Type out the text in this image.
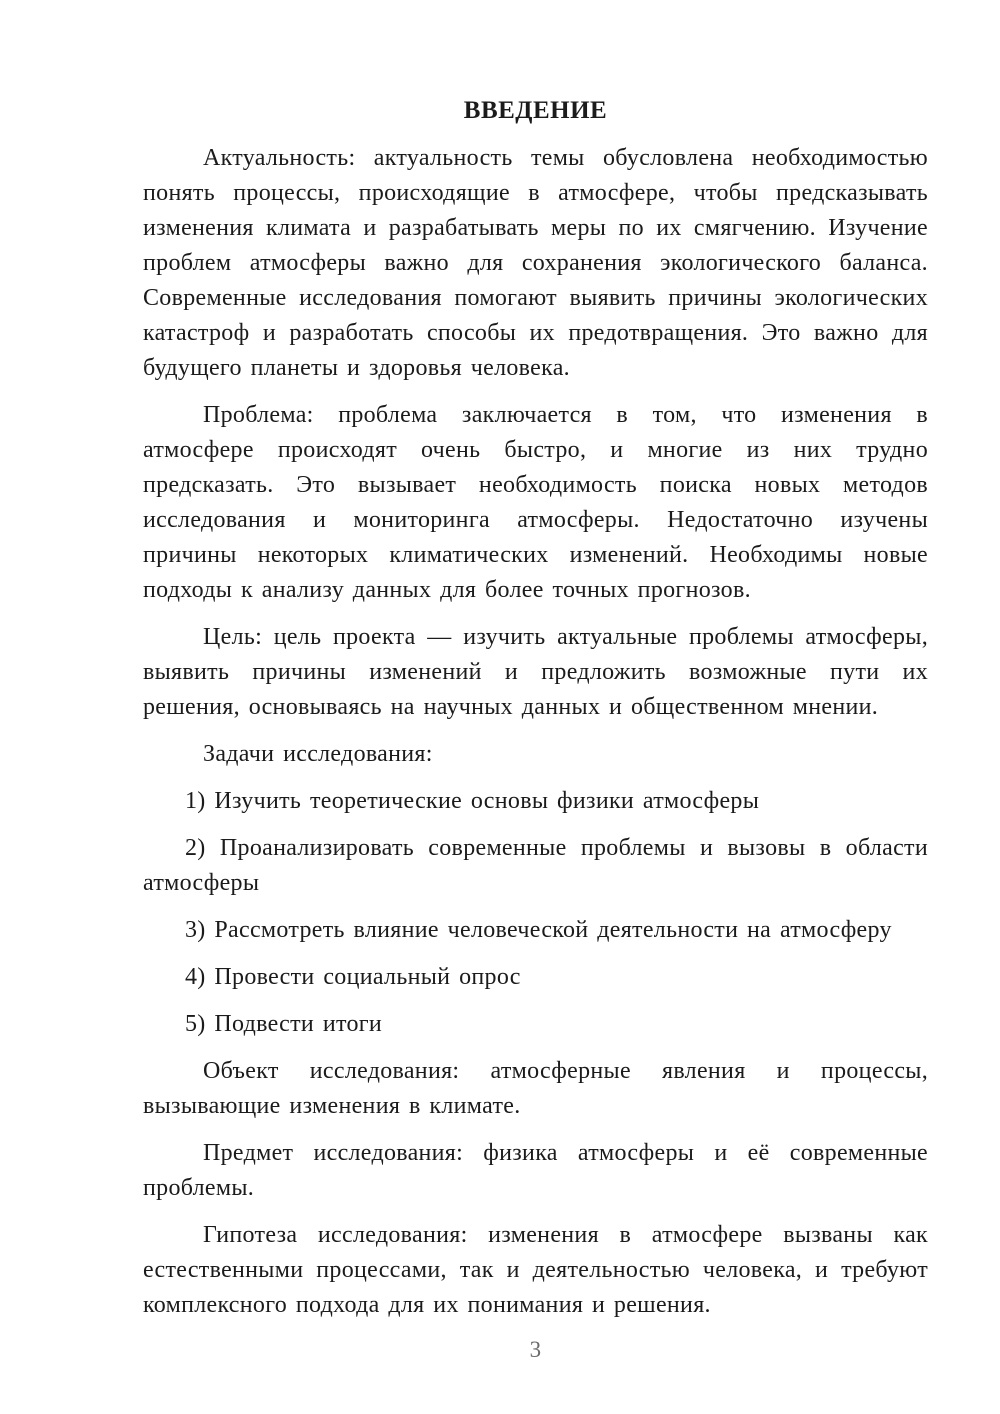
ВВЕДЕНИЕ

Актуальность: актуальность темы обусловлена необходимостью понять процессы, происходящие в атмосфере, чтобы предсказывать изменения климата и разрабатывать меры по их смягчению. Изучение проблем атмосферы важно для сохранения экологического баланса. Современные исследования помогают выявить причины экологических катастроф и разработать способы их предотвращения. Это важно для будущего планеты и здоровья человека.

Проблема: проблема заключается в том, что изменения в атмосфере происходят очень быстро, и многие из них трудно предсказать. Это вызывает необходимость поиска новых методов исследования и мониторинга атмосферы. Недостаточно изучены причины некоторых климатических изменений. Необходимы новые подходы к анализу данных для более точных прогнозов.

Цель: цель проекта — изучить актуальные проблемы атмосферы, выявить причины изменений и предложить возможные пути их решения, основываясь на научных данных и общественном мнении.

Задачи исследования:

1) Изучить теоретические основы физики атмосферы

2) Проанализировать современные проблемы и вызовы в области атмосферы

3) Рассмотреть влияние человеческой деятельности на атмосферу

4) Провести социальный опрос

5) Подвести итоги

Объект исследования: атмосферные явления и процессы, вызывающие изменения в климате.

Предмет исследования: физика атмосферы и её современные проблемы.

Гипотеза исследования: изменения в атмосфере вызваны как естественными процессами, так и деятельностью человека, и требуют комплексного подхода для их понимания и решения.

3
